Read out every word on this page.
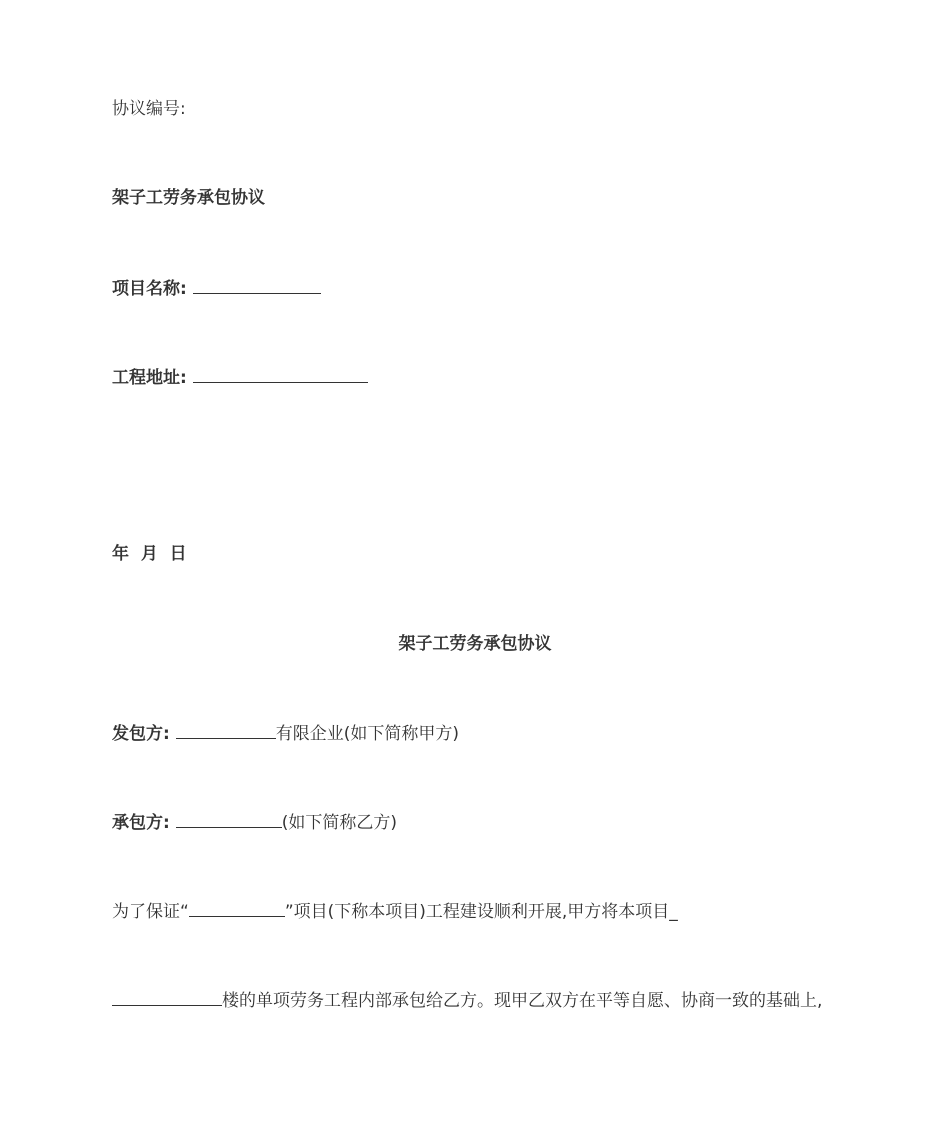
协议编号:
架子工劳务承包协议
项目名称:
工程地址:
年  月  日
架子工劳务承包协议
发包方:	有限企业(如下简称甲方)
承包方:	(如下简称乙方)
为了保证“	”项目(下称本项目)工程建设顺利开展,甲方将本项目_
楼的单项劳务工程内部承包给乙方。现甲乙双方在平等自愿、协商一致的基础上,
